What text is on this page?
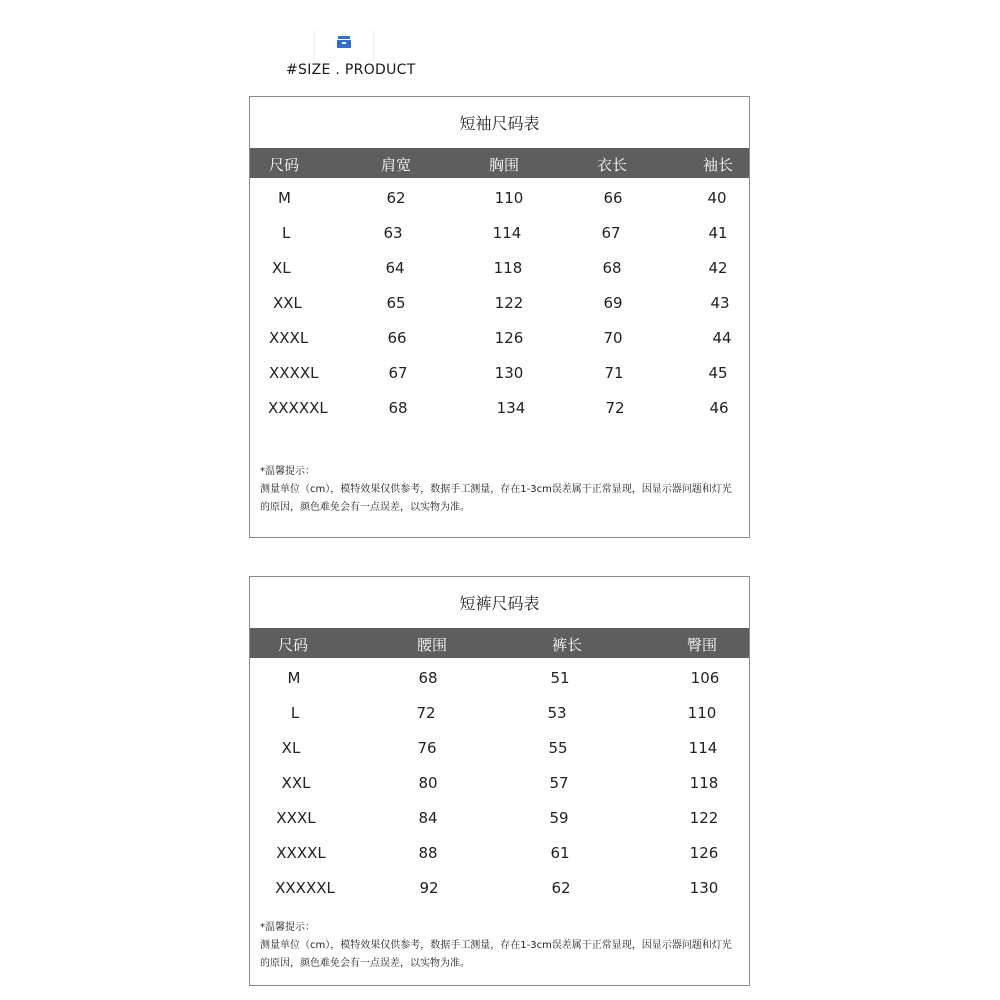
#SIZE . PRODUCT
短袖尺码表
尺码	肩宽	胸围	衣长	袖长
M	62	110	66	40
L	63	114	67	41
XL	64	118	68	42
XXL	65	122	69	43
XXXL	66	126	70	44
XXXXL	67	130	71	45
XXXXXL	68	134	72	46
*温馨提示：
测量单位（cm），模特效果仅供参考，数据手工测量，存在1-3cm误差属于正常显现，因显示器问题和灯光
的原因，颜色难免会有一点误差，以实物为准。
短裤尺码表
尺码	腰围	裤长	臀围
M	68	51	106
L	72	53	110
XL	76	55	114
XXL	80	57	118
XXXL	84	59	122
XXXXL	88	61	126
XXXXXL	92	62	130
*温馨提示：
测量单位（cm），模特效果仅供参考，数据手工测量，存在1-3cm误差属于正常显现，因显示器问题和灯光
的原因，颜色难免会有一点误差，以实物为准。
